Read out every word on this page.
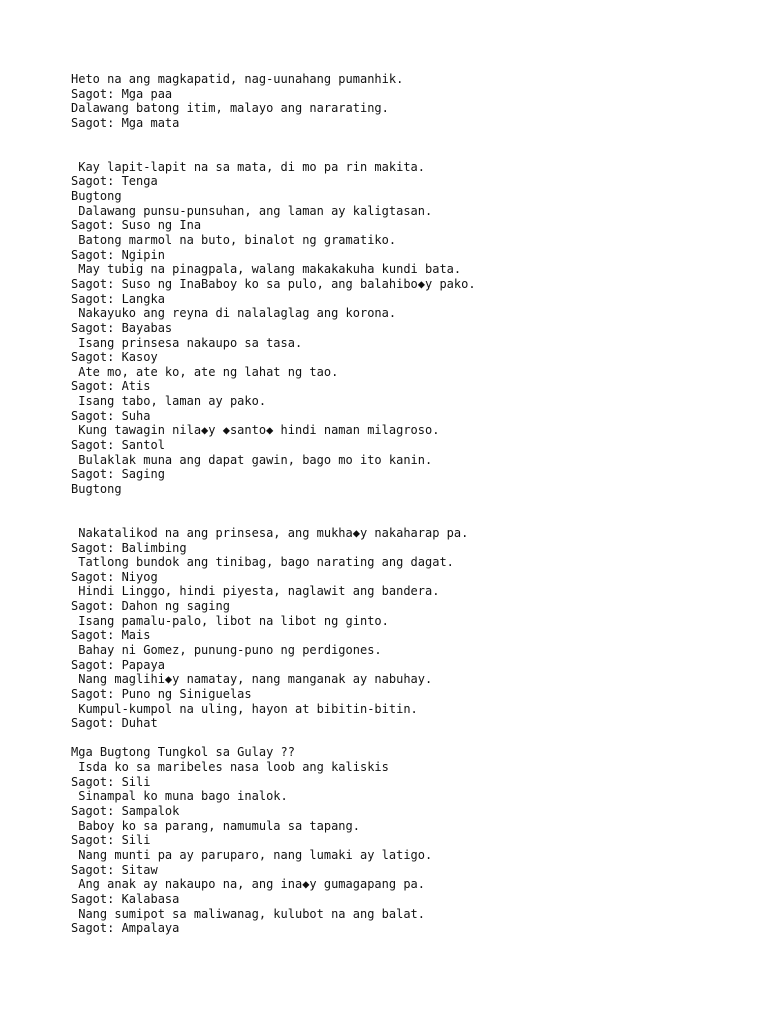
Heto na ang magkapatid, nag-uunahang pumanhik.
Sagot: Mga paa
Dalawang batong itim, malayo ang nararating.
Sagot: Mga mata
Kay lapit-lapit na sa mata, di mo pa rin makita.
Sagot: Tenga
Bugtong
Dalawang punsu-punsuhan, ang laman ay kaligtasan.
Sagot: Suso ng Ina
Batong marmol na buto, binalot ng gramatiko.
Sagot: Ngipin
May tubig na pinagpala, walang makakakuha kundi bata.
Sagot: Suso ng InaBaboy ko sa pulo, ang balahibo◆y pako.
Sagot: Langka
Nakayuko ang reyna di nalalaglag ang korona.
Sagot: Bayabas
Isang prinsesa nakaupo sa tasa.
Sagot: Kasoy
Ate mo, ate ko, ate ng lahat ng tao.
Sagot: Atis
Isang tabo, laman ay pako.
Sagot: Suha
Kung tawagin nila◆y ◆santo◆ hindi naman milagroso.
Sagot: Santol
Bulaklak muna ang dapat gawin, bago mo ito kanin.
Sagot: Saging
Bugtong
Nakatalikod na ang prinsesa, ang mukha◆y nakaharap pa.
Sagot: Balimbing
Tatlong bundok ang tinibag, bago narating ang dagat.
Sagot: Niyog
Hindi Linggo, hindi piyesta, naglawit ang bandera.
Sagot: Dahon ng saging
Isang pamalu-palo, libot na libot ng ginto.
Sagot: Mais
Bahay ni Gomez, punung-puno ng perdigones.
Sagot: Papaya
Nang maglihi◆y namatay, nang manganak ay nabuhay.
Sagot: Puno ng Siniguelas
Kumpul-kumpol na uling, hayon at bibitin-bitin.
Sagot: Duhat
Mga Bugtong Tungkol sa Gulay ??
Isda ko sa maribeles nasa loob ang kaliskis
Sagot: Sili
Sinampal ko muna bago inalok.
Sagot: Sampalok
Baboy ko sa parang, namumula sa tapang.
Sagot: Sili
Nang munti pa ay paruparo, nang lumaki ay latigo.
Sagot: Sitaw
Ang anak ay nakaupo na, ang ina◆y gumagapang pa.
Sagot: Kalabasa
Nang sumipot sa maliwanag, kulubot na ang balat.
Sagot: Ampalaya
